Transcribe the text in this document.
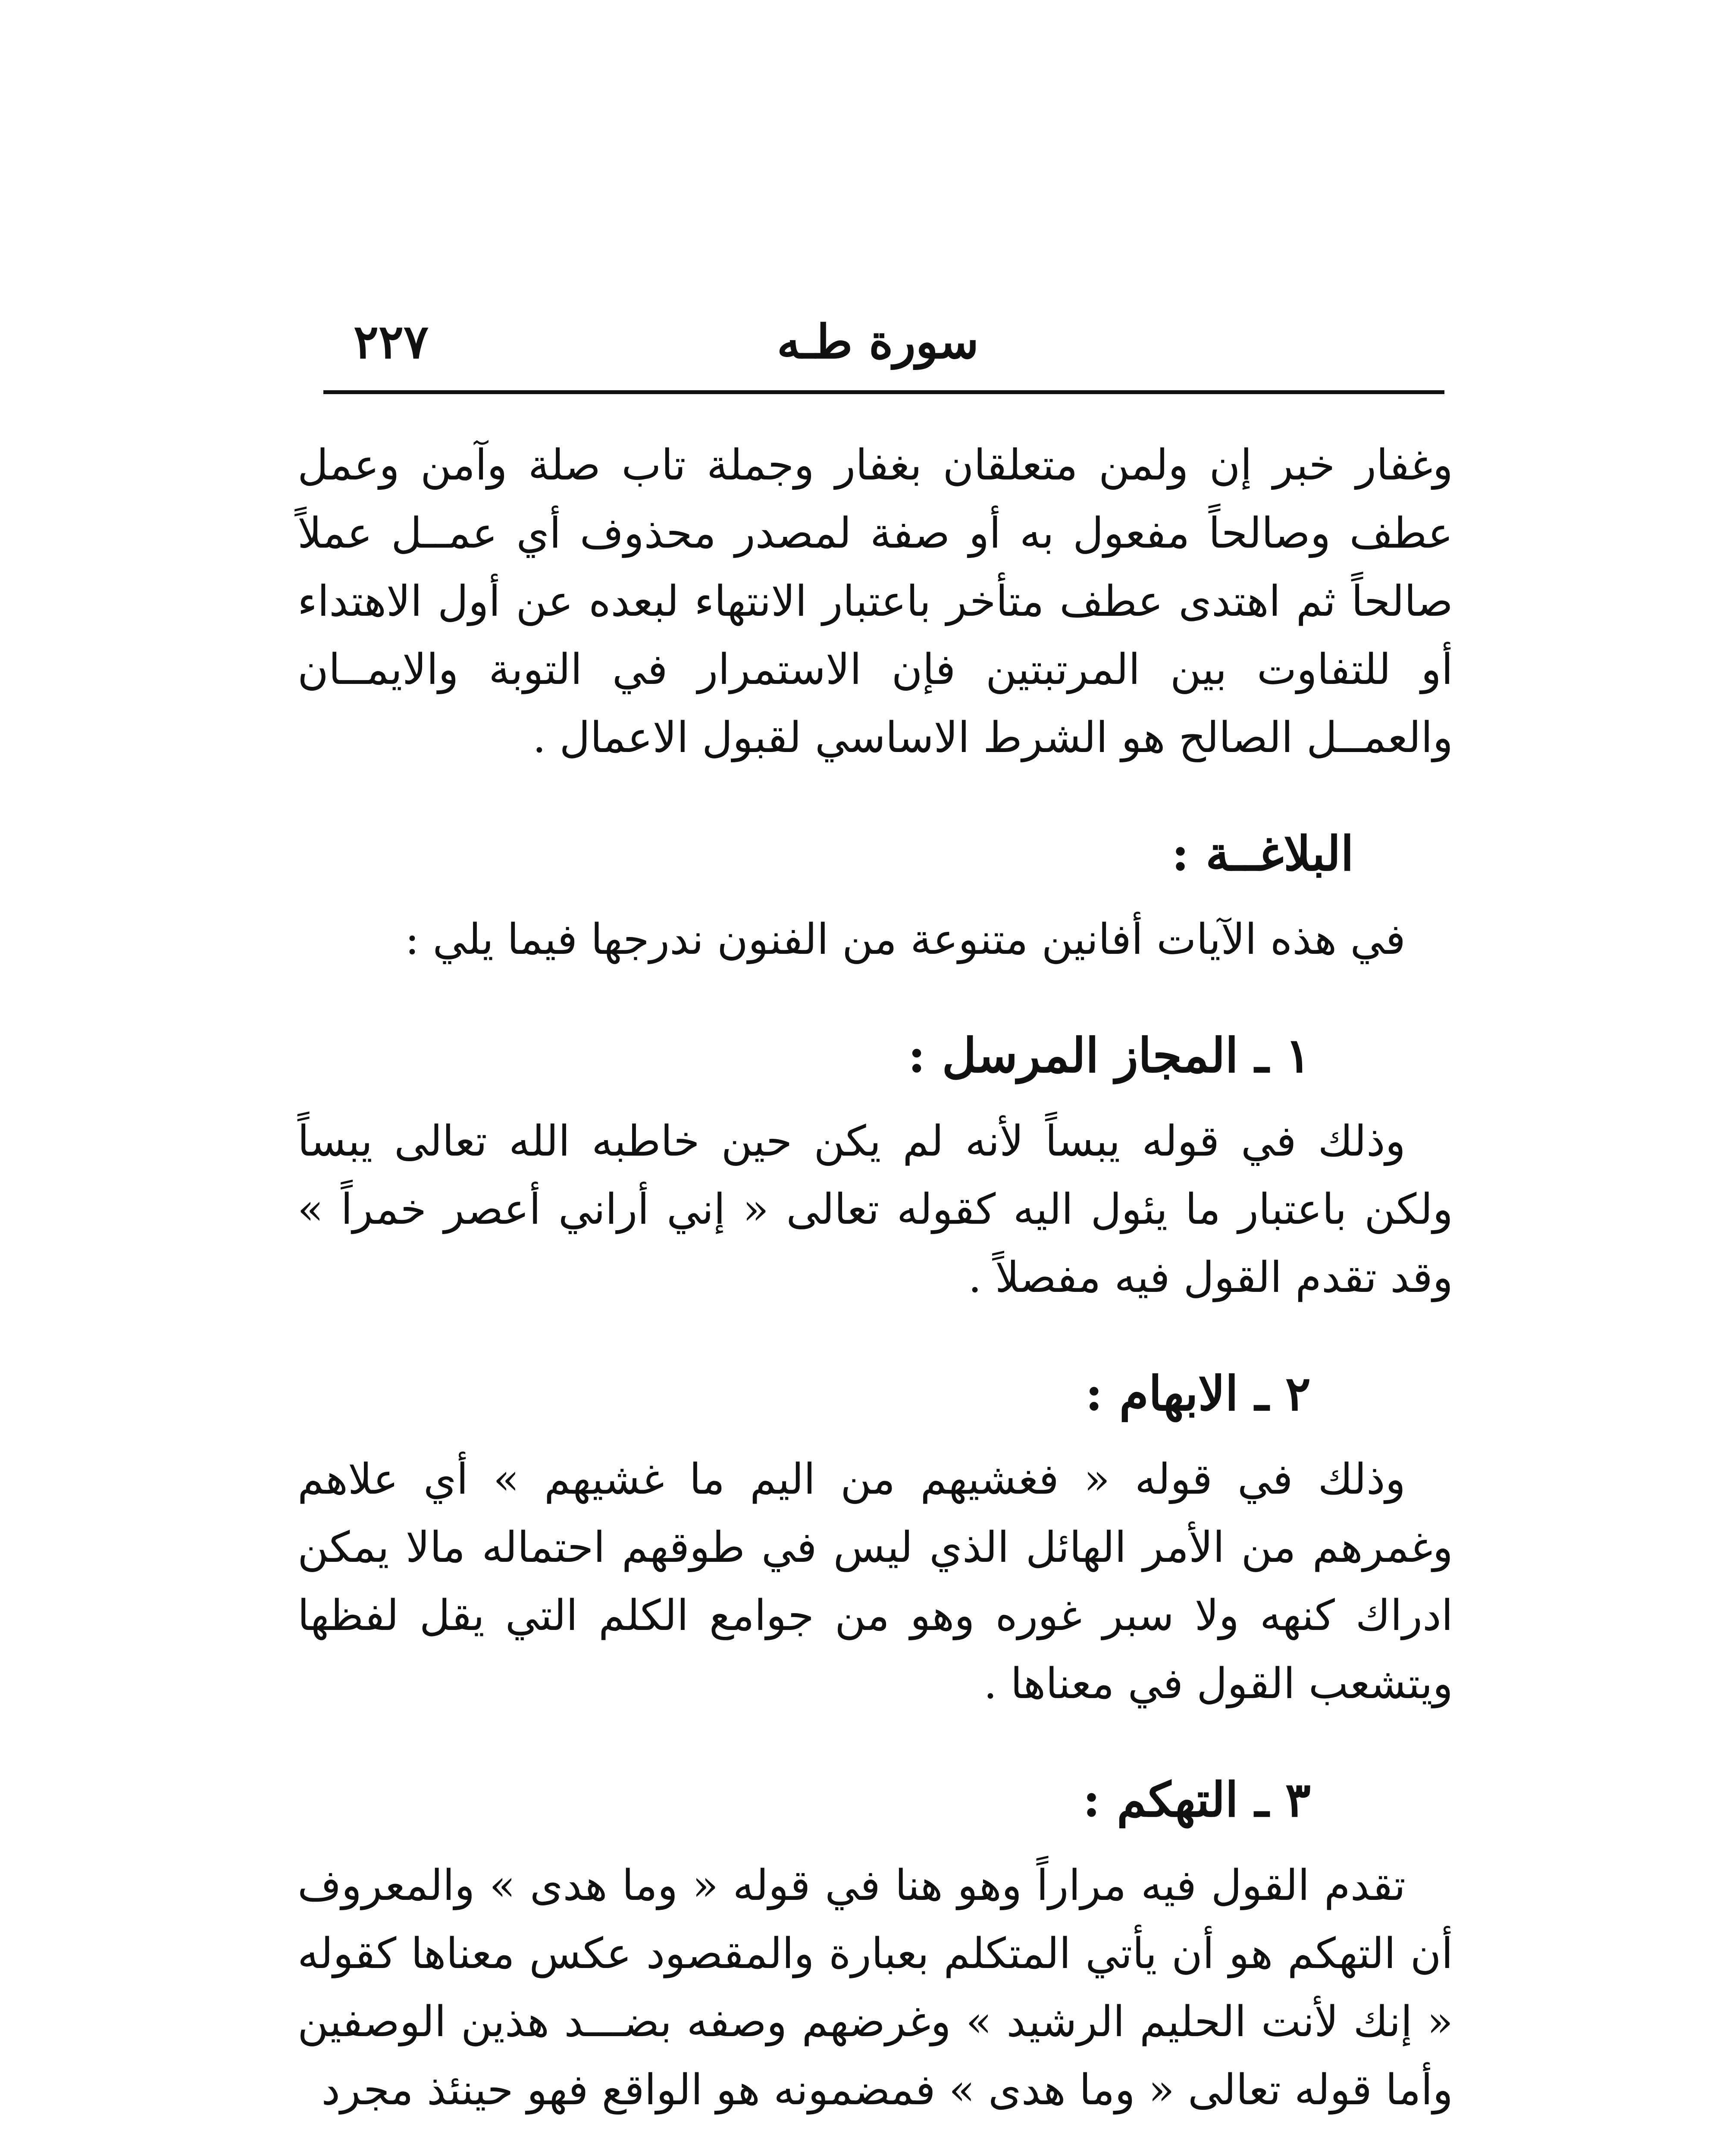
سورة طـه
٢٢٧

وغفار خبر إن ولمن متعلقان بغفار وجملة تاب صلة وآمن وعمل عطف وصالحاً مفعول به أو صفة لمصدر محذوف أي عمــل عملاً صالحاً ثم اهتدى عطف متأخر باعتبار الانتهاء لبعده عن أول الاهتداء أو للتفاوت بين المرتبتين فإن الاستمرار في التوبة والايمــان والعمــل الصالح هو الشرط الاساسي لقبول الاعمال .

البلاغــة :

في هذه الآيات أفانين متنوعة من الفنون ندرجها فيما يلي :

١ ـ المجاز المرسل :

وذلك في قوله يبساً لأنه لم يكن حين خاطبه الله تعالى يبساً ولكن باعتبار ما يئول اليه كقوله تعالى « إني أراني أعصر خمراً » وقد تقدم القول فيه مفصلاً .

٢ ـ الابهام :

وذلك في قوله « فغشيهم من اليم ما غشيهم » أي علاهم وغمرهم من الأمر الهائل الذي ليس في طوقهم احتماله مالا يمكن ادراك كنهه ولا سبر غوره وهو من جوامع الكلم التي يقل لفظها ويتشعب القول في معناها .

٣ ـ التهكم :

تقدم القول فيه مراراً وهو هنا في قوله « وما هدى » والمعروف أن التهكم هو أن يأتي المتكلم بعبارة والمقصود عكس معناها كقوله « إنك لأنت الحليم الرشيد » وغرضهم وصفه بضـــد هذين الوصفين وأما قوله تعالى « وما هدى » فمضمونه هو الواقع فهو حينئذ مجرد
